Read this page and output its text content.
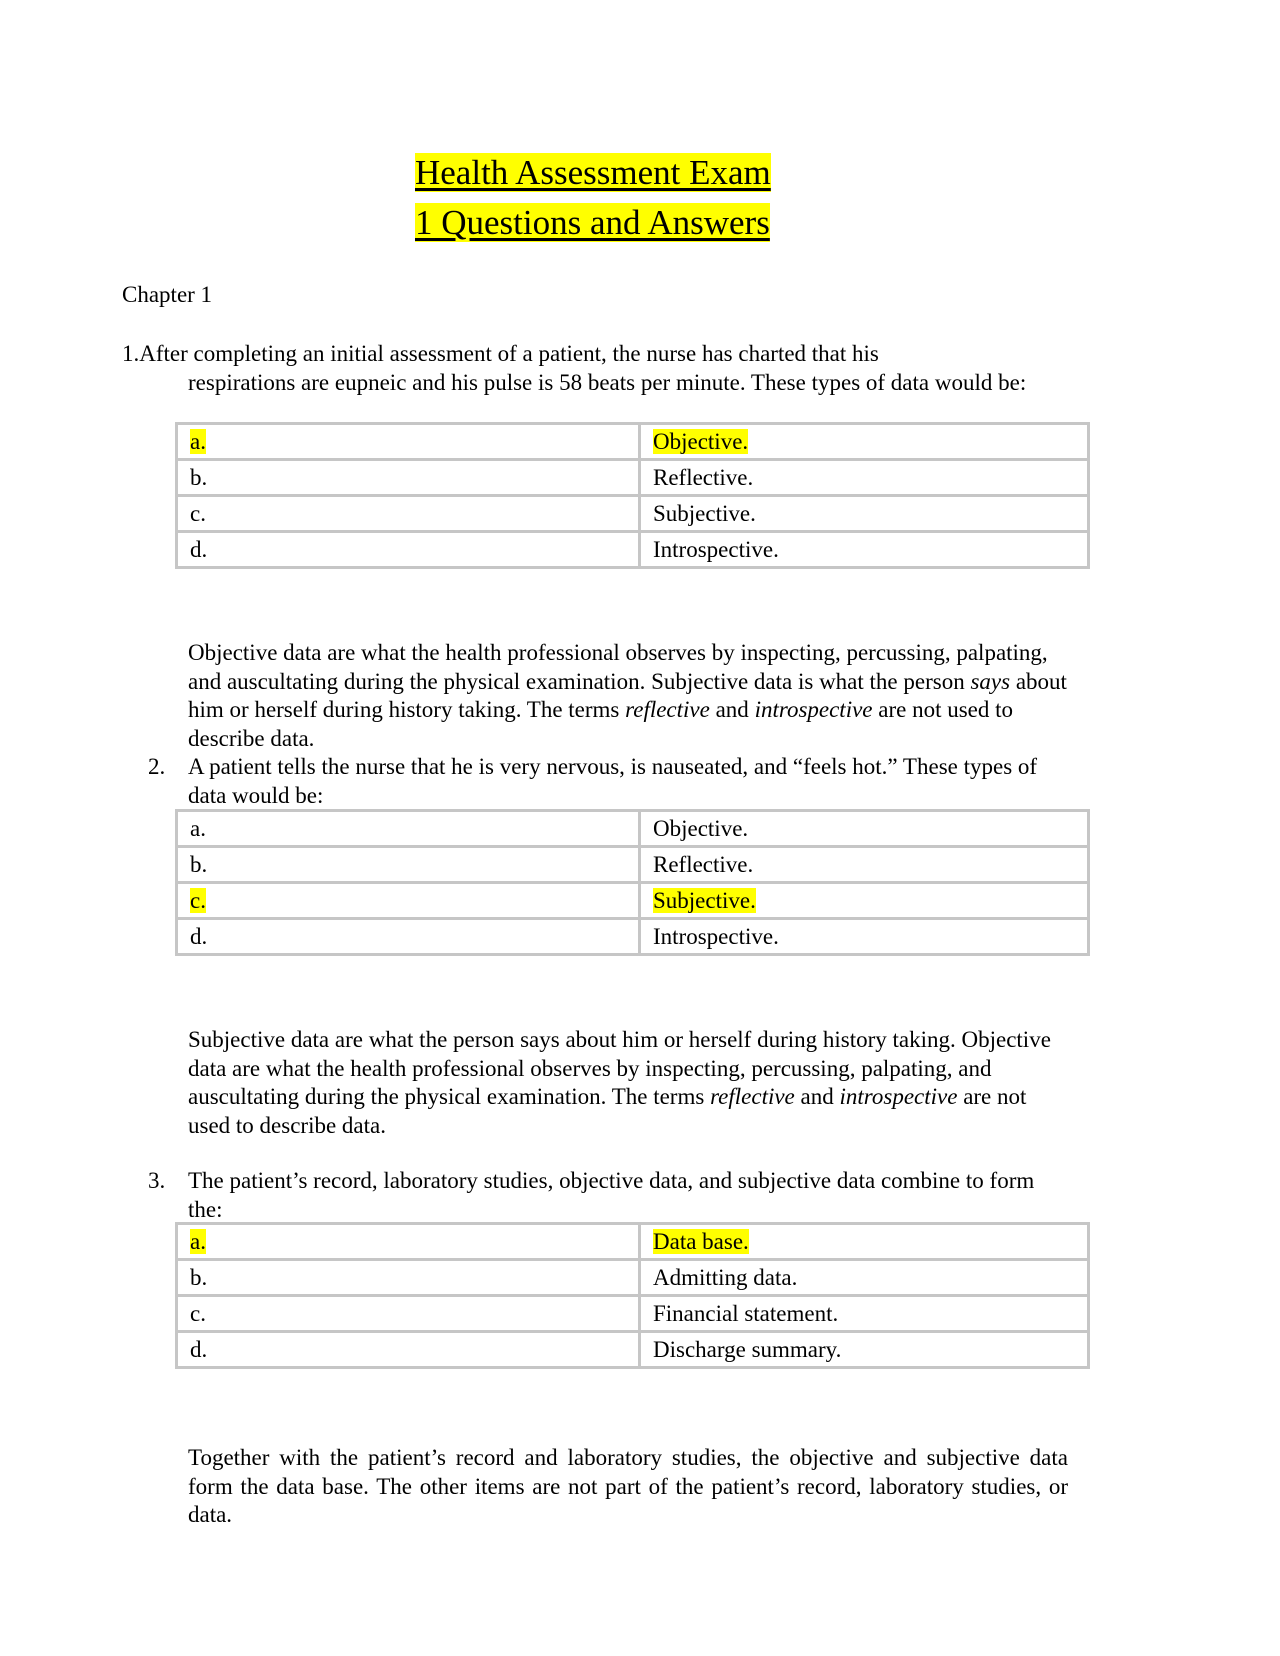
Health Assessment Exam
1 Questions and Answers
Chapter 1
1.After completing an initial assessment of a patient, the nurse has charted that his
respirations are eupneic and his pulse is 58 beats per minute. These types of data would be:
a.	Objective.
b.	Reflective.
c.	Subjective.
d.	Introspective.
Objective data are what the health professional observes by inspecting, percussing, palpating, and auscultating during the physical examination. Subjective data is what the person says about him or herself during history taking. The terms reflective and introspective are not used to describe data.
2. A patient tells the nurse that he is very nervous, is nauseated, and “feels hot.” These types of data would be:
a.	Objective.
b.	Reflective.
c.	Subjective.
d.	Introspective.
Subjective data are what the person says about him or herself during history taking. Objective data are what the health professional observes by inspecting, percussing, palpating, and auscultating during the physical examination. The terms reflective and introspective are not used to describe data.
3. The patient’s record, laboratory studies, objective data, and subjective data combine to form the:
a.	Data base.
b.	Admitting data.
c.	Financial statement.
d.	Discharge summary.
Together with the patient’s record and laboratory studies, the objective and subjective data form the data base. The other items are not part of the patient’s record, laboratory studies, or data.
